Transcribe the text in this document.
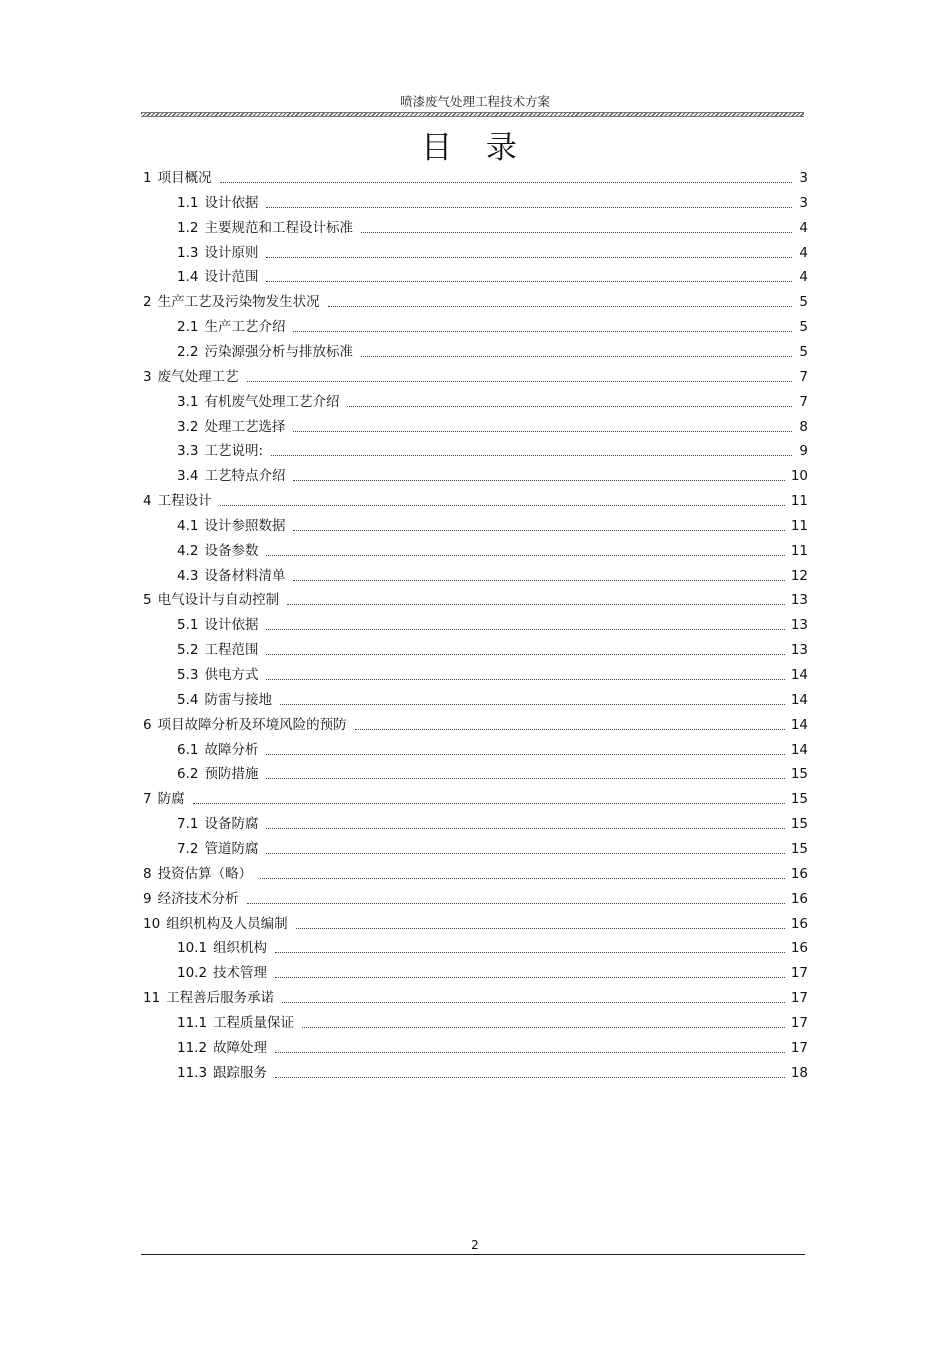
喷漆废气处理工程技术方案
目 录
1 项目概况	3
1.1 设计依据	3
1.2 主要规范和工程设计标准	4
1.3 设计原则	4
1.4 设计范围	4
2 生产工艺及污染物发生状况	5
2.1 生产工艺介绍	5
2.2 污染源强分析与排放标准	5
3 废气处理工艺	7
3.1 有机废气处理工艺介绍	7
3.2 处理工艺选择	8
3.3 工艺说明:	9
3.4 工艺特点介绍	10
4 工程设计	11
4.1 设计参照数据	11
4.2 设备参数	11
4.3 设备材料清单	12
5 电气设计与自动控制	13
5.1 设计依据	13
5.2 工程范围	13
5.3 供电方式	14
5.4 防雷与接地	14
6 项目故障分析及环境风险的预防	14
6.1 故障分析	14
6.2 预防措施	15
7 防腐	15
7.1 设备防腐	15
7.2 管道防腐	15
8 投资估算（略）	16
9 经济技术分析	16
10 组织机构及人员编制	16
10.1 组织机构	16
10.2 技术管理	17
11 工程善后服务承诺	17
11.1 工程质量保证	17
11.2 故障处理	17
11.3 跟踪服务	18
2
